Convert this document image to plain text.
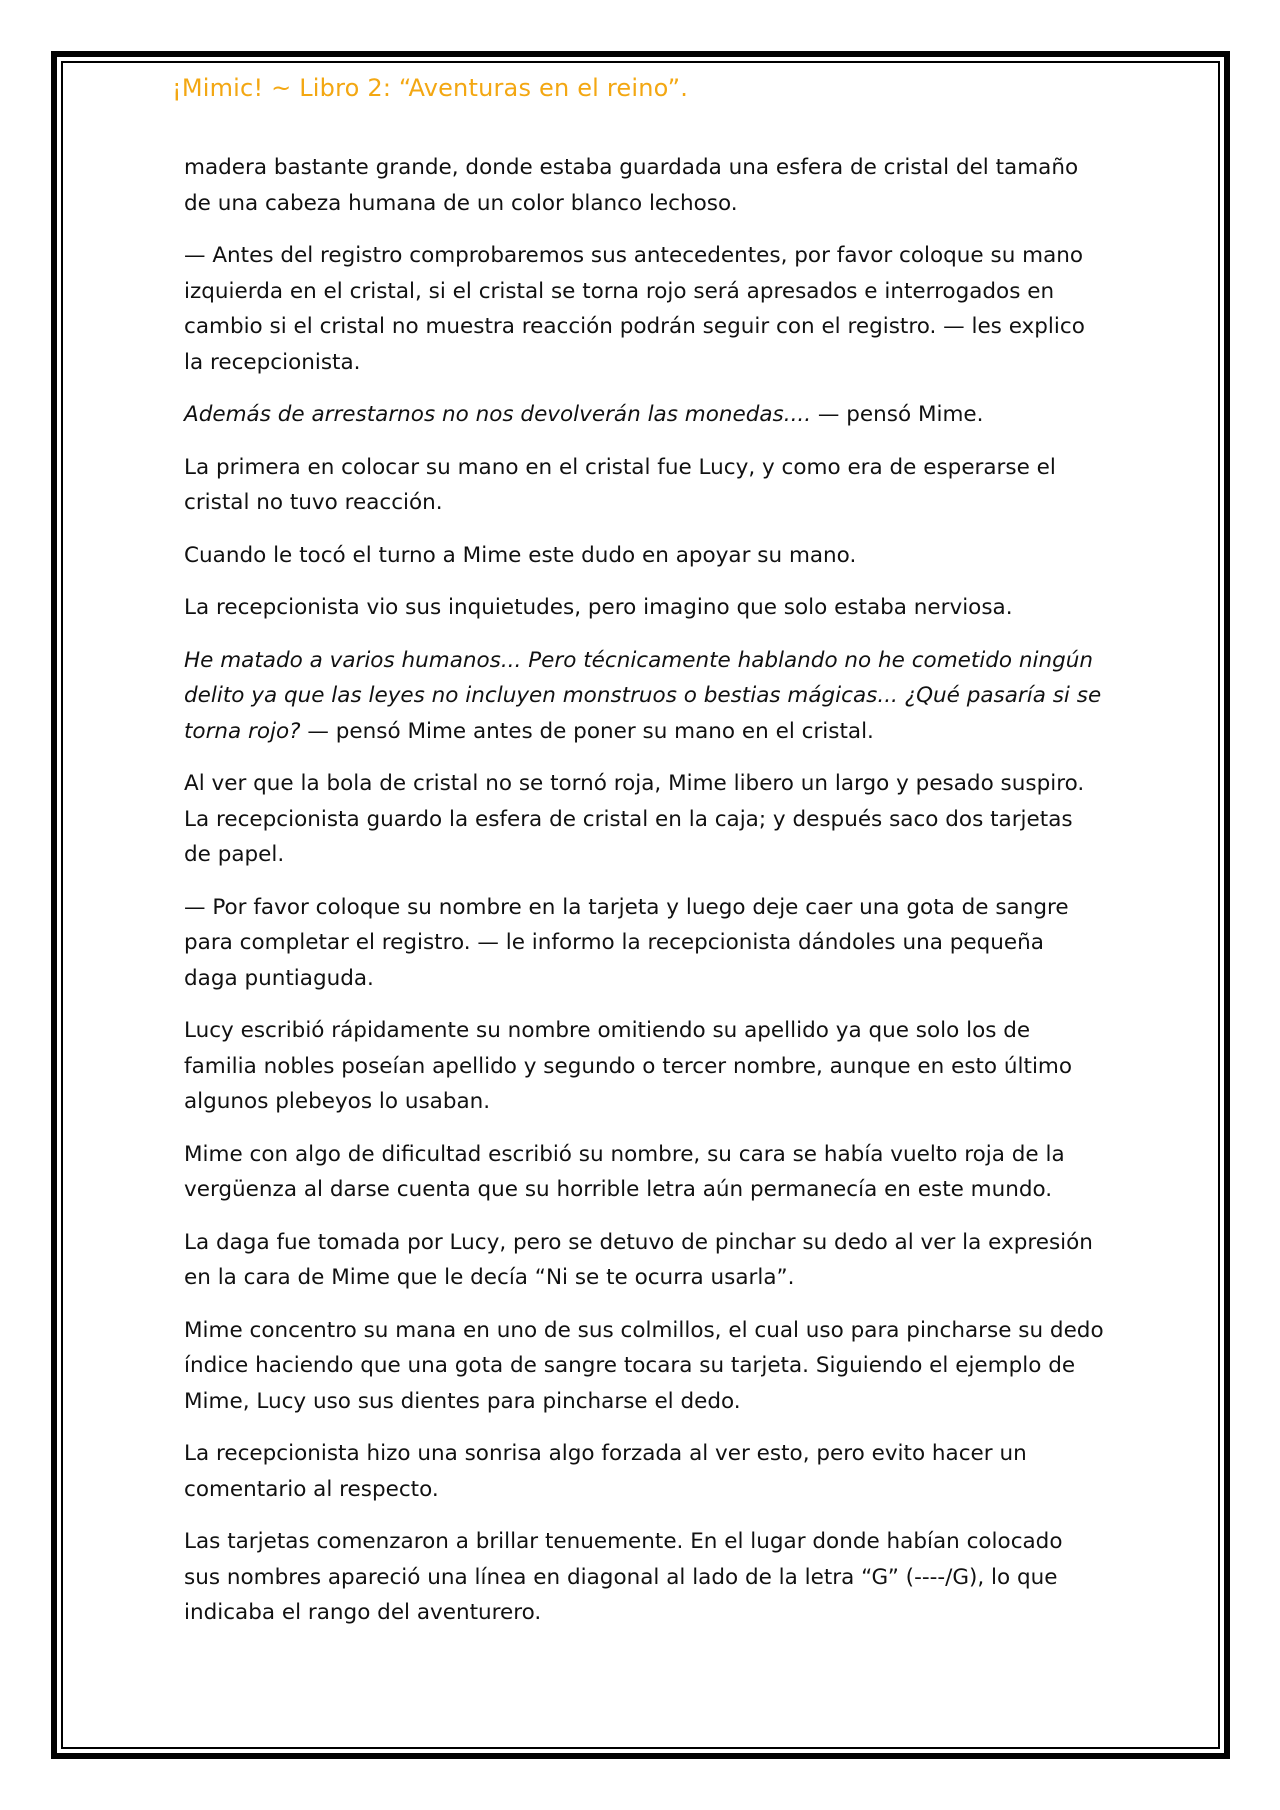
¡Mimic! ~ Libro 2: “Aventuras en el reino”.

madera bastante grande, donde estaba guardada una esfera de cristal del tamaño de una cabeza humana de un color blanco lechoso.

— Antes del registro comprobaremos sus antecedentes, por favor coloque su mano izquierda en el cristal, si el cristal se torna rojo será apresados e interrogados en cambio si el cristal no muestra reacción podrán seguir con el registro. — les explico la recepcionista.

Además de arrestarnos no nos devolverán las monedas.... — pensó Mime.

La primera en colocar su mano en el cristal fue Lucy, y como era de esperarse el cristal no tuvo reacción.

Cuando le tocó el turno a Mime este dudo en apoyar su mano.

La recepcionista vio sus inquietudes, pero imagino que solo estaba nerviosa.

He matado a varios humanos... Pero técnicamente hablando no he cometido ningún delito ya que las leyes no incluyen monstruos o bestias mágicas... ¿Qué pasaría si se torna rojo? — pensó Mime antes de poner su mano en el cristal.

Al ver que la bola de cristal no se tornó roja, Mime libero un largo y pesado suspiro. La recepcionista guardo la esfera de cristal en la caja; y después saco dos tarjetas de papel.

— Por favor coloque su nombre en la tarjeta y luego deje caer una gota de sangre para completar el registro. — le informo la recepcionista dándoles una pequeña daga puntiaguda.

Lucy escribió rápidamente su nombre omitiendo su apellido ya que solo los de familia nobles poseían apellido y segundo o tercer nombre, aunque en esto último algunos plebeyos lo usaban.

Mime con algo de dificultad escribió su nombre, su cara se había vuelto roja de la vergüenza al darse cuenta que su horrible letra aún permanecía en este mundo.

La daga fue tomada por Lucy, pero se detuvo de pinchar su dedo al ver la expresión en la cara de Mime que le decía “Ni se te ocurra usarla”.

Mime concentro su mana en uno de sus colmillos, el cual uso para pincharse su dedo índice haciendo que una gota de sangre tocara su tarjeta. Siguiendo el ejemplo de Mime, Lucy uso sus dientes para pincharse el dedo.

La recepcionista hizo una sonrisa algo forzada al ver esto, pero evito hacer un comentario al respecto.

Las tarjetas comenzaron a brillar tenuemente. En el lugar donde habían colocado sus nombres apareció una línea en diagonal al lado de la letra “G” (----/G), lo que indicaba el rango del aventurero.
